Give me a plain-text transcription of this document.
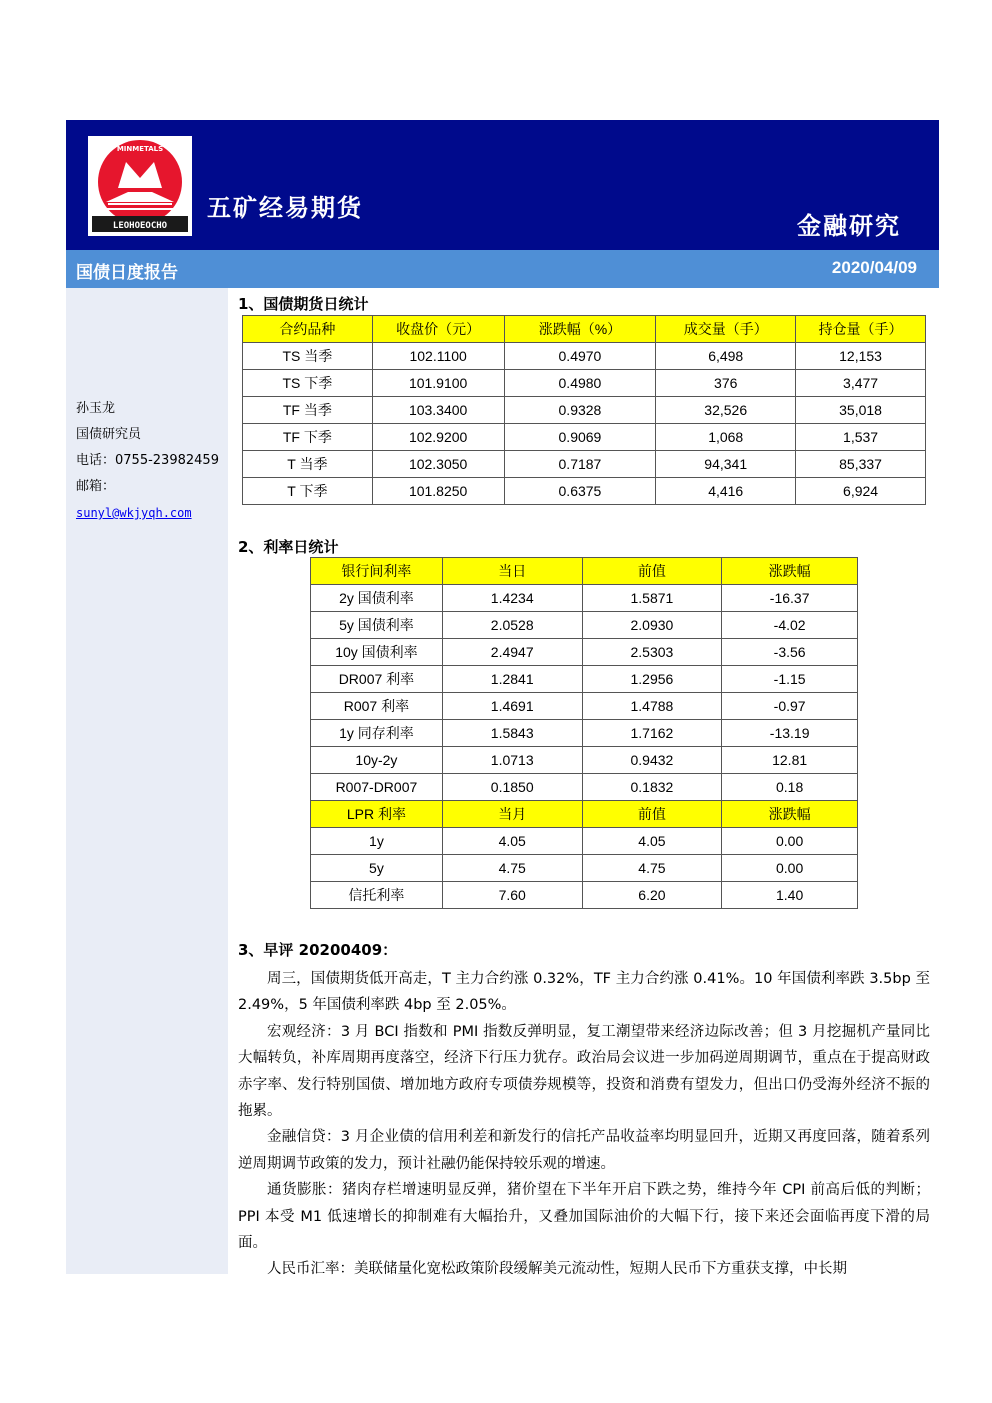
MINMETALS
LEOHOEOCHO
五矿经易期货
金融研究
国债日度报告	2020/04/09
孙玉龙
国债研究员
电话：0755-23982459
邮箱：
sunyl@wkjyqh.com
1、国债期货日统计
合约品种	收盘价（元）	涨跌幅（%）	成交量（手）	持仓量（手）
TS 当季	102.1100	0.4970	6,498	12,153
TS 下季	101.9100	0.4980	376	3,477
TF 当季	103.3400	0.9328	32,526	35,018
TF 下季	102.9200	0.9069	1,068	1,537
T 当季	102.3050	0.7187	94,341	85,337
T 下季	101.8250	0.6375	4,416	6,924
2、利率日统计
银行间利率	当日	前值	涨跌幅
2y 国债利率	1.4234	1.5871	-16.37
5y 国债利率	2.0528	2.0930	-4.02
10y 国债利率	2.4947	2.5303	-3.56
DR007 利率	1.2841	1.2956	-1.15
R007 利率	1.4691	1.4788	-0.97
1y 同存利率	1.5843	1.7162	-13.19
10y-2y	1.0713	0.9432	12.81
R007-DR007	0.1850	0.1832	0.18
LPR 利率	当月	前值	涨跌幅
1y	4.05	4.05	0.00
5y	4.75	4.75	0.00
信托利率	7.60	6.20	1.40
3、早评 20200409：

周三，国债期货低开高走，T 主力合约涨 0.32%，TF 主力合约涨 0.41%。10 年国债利率跌 3.5bp 至 2.49%，5 年国债利率跌 4bp 至 2.05%。

宏观经济：3 月 BCI 指数和 PMI 指数反弹明显，复工潮望带来经济边际改善；但 3 月挖掘机产量同比大幅转负，补库周期再度落空，经济下行压力犹存。政治局会议进一步加码逆周期调节，重点在于提高财政赤字率、发行特别国债、增加地方政府专项债券规模等，投资和消费有望发力，但出口仍受海外经济不振的拖累。

金融信贷：3 月企业债的信用利差和新发行的信托产品收益率均明显回升，近期又再度回落，随着系列逆周期调节政策的发力，预计社融仍能保持较乐观的增速。

通货膨胀：猪肉存栏增速明显反弹，猪价望在下半年开启下跌之势，维持今年 CPI 前高后低的判断；PPI 本受 M1 低速增长的抑制难有大幅抬升，又叠加国际油价的大幅下行，接下来还会面临再度下滑的局面。

人民币汇率：美联储量化宽松政策阶段缓解美元流动性，短期人民币下方重获支撑，中长期
